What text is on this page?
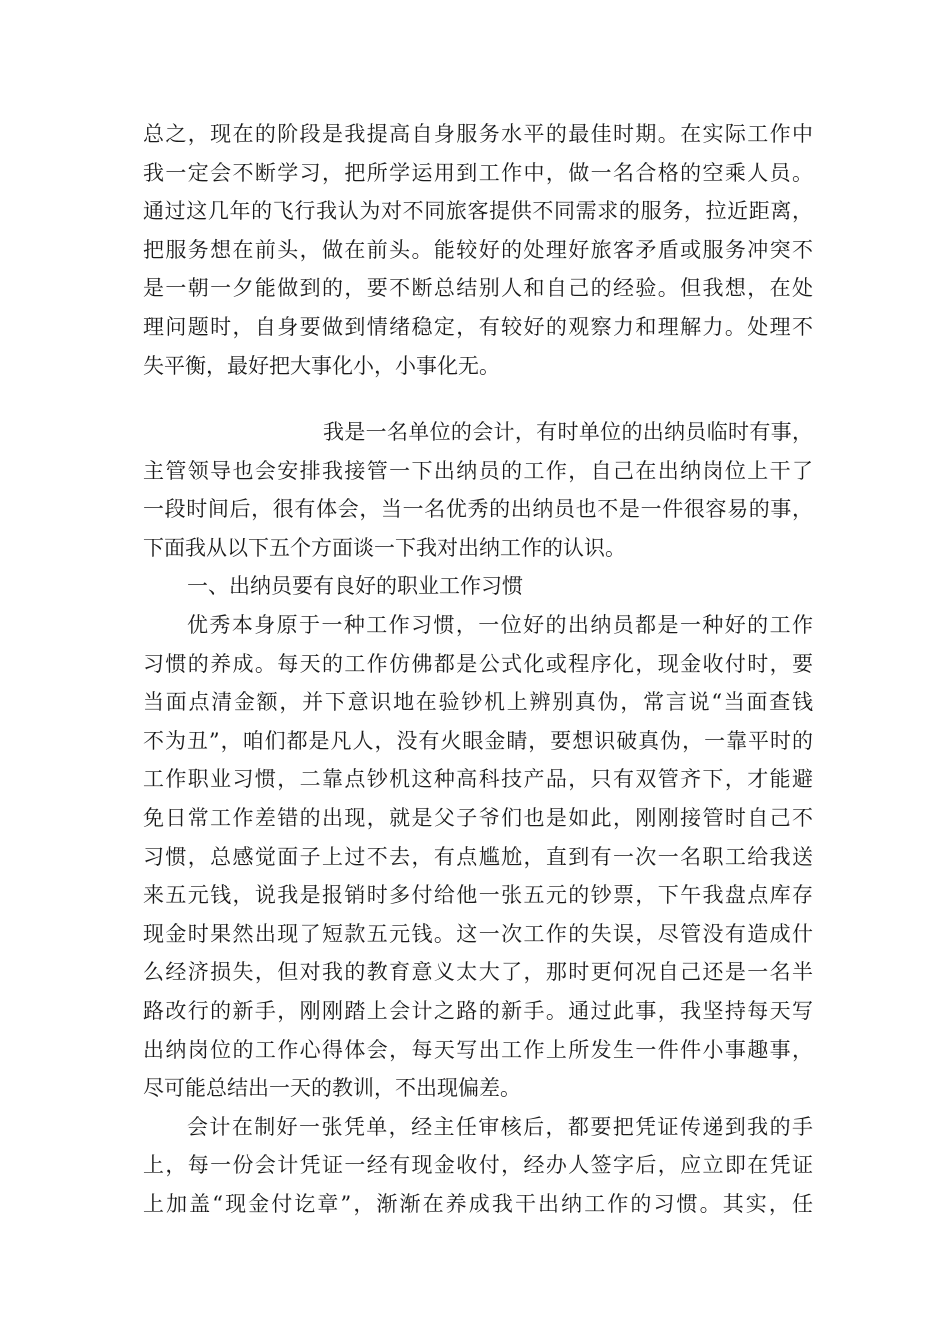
总之，现在的阶段是我提高自身服务水平的最佳时期。在实际工作中
我一定会不断学习，把所学运用到工作中，做一名合格的空乘人员。
通过这几年的飞行我认为对不同旅客提供不同需求的服务，拉近距离，
把服务想在前头，做在前头。能较好的处理好旅客矛盾或服务冲突不
是一朝一夕能做到的，要不断总结别人和自己的经验。但我想，在处
理问题时，自身要做到情绪稳定，有较好的观察力和理解力。处理不
失平衡，最好把大事化小，小事化无。
我是一名单位的会计，有时单位的出纳员临时有事，
主管领导也会安排我接管一下出纳员的工作，自己在出纳岗位上干了
一段时间后，很有体会，当一名优秀的出纳员也不是一件很容易的事，
下面我从以下五个方面谈一下我对出纳工作的认识。
一、出纳员要有良好的职业工作习惯
优秀本身原于一种工作习惯，一位好的出纳员都是一种好的工作
习惯的养成。每天的工作仿佛都是公式化或程序化，现金收付时，要
当面点清金额，并下意识地在验钞机上辨别真伪，常言说“当面查钱
不为丑”，咱们都是凡人，没有火眼金睛，要想识破真伪，一靠平时的
工作职业习惯，二靠点钞机这种高科技产品，只有双管齐下，才能避
免日常工作差错的出现，就是父子爷们也是如此，刚刚接管时自己不
习惯，总感觉面子上过不去，有点尴尬，直到有一次一名职工给我送
来五元钱，说我是报销时多付给他一张五元的钞票，下午我盘点库存
现金时果然出现了短款五元钱。这一次工作的失误，尽管没有造成什
么经济损失，但对我的教育意义太大了，那时更何况自己还是一名半
路改行的新手，刚刚踏上会计之路的新手。通过此事，我坚持每天写
出纳岗位的工作心得体会，每天写出工作上所发生一件件小事趣事，
尽可能总结出一天的教训，不出现偏差。
会计在制好一张凭单，经主任审核后，都要把凭证传递到我的手
上，每一份会计凭证一经有现金收付，经办人签字后，应立即在凭证
上加盖“现金付讫章”，渐渐在养成我干出纳工作的习惯。其实，任
